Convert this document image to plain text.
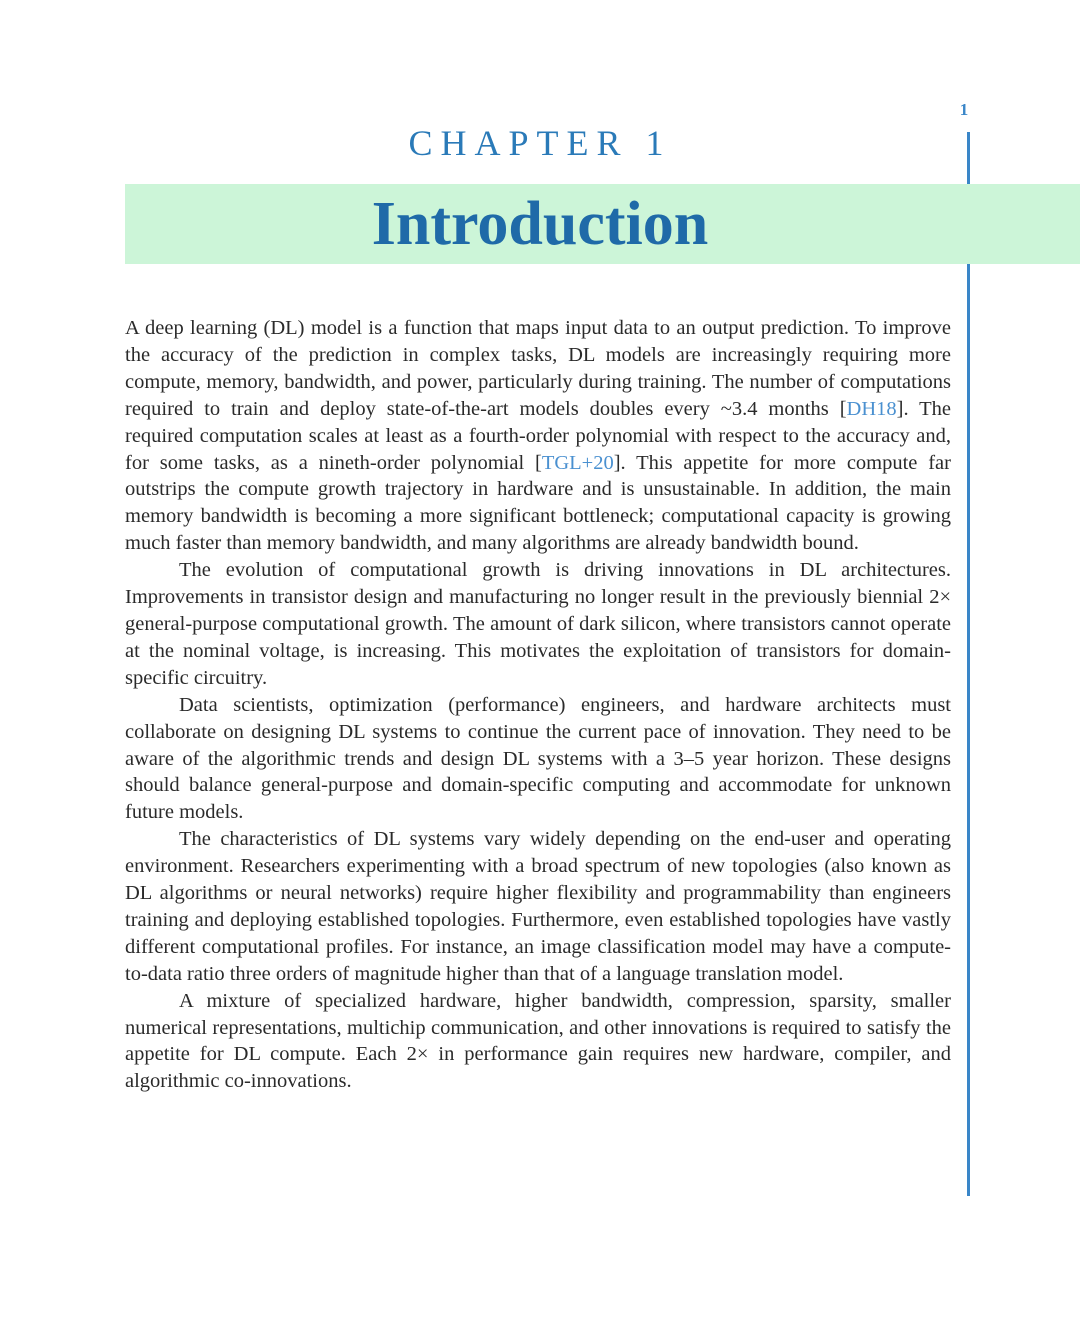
1
CHAPTER 1
Introduction

A deep learning (DL) model is a function that maps input data to an output prediction. To improve the accuracy of the prediction in complex tasks, DL models are increasingly requiring more compute, memory, bandwidth, and power, particularly during training. The number of computations required to train and deploy state-of-the-art models doubles every ~3.4 months [DH18]. The required computation scales at least as a fourth-order polynomial with respect to the accuracy and, for some tasks, as a nineth-order polynomial [TGL+20]. This appetite for more compute far outstrips the compute growth trajectory in hardware and is unsustainable. In addition, the main memory bandwidth is becoming a more significant bottleneck; computational capacity is growing much faster than memory bandwidth, and many algorithms are already bandwidth bound.

The evolution of computational growth is driving innovations in DL architectures. Improvements in transistor design and manufacturing no longer result in the previously biennial 2× general-purpose computational growth. The amount of dark silicon, where transistors cannot operate at the nominal voltage, is increasing. This motivates the exploitation of transistors for domain-specific circuitry.

Data scientists, optimization (performance) engineers, and hardware architects must collaborate on designing DL systems to continue the current pace of innovation. They need to be aware of the algorithmic trends and design DL systems with a 3–5 year horizon. These designs should balance general-purpose and domain-specific computing and accommodate for unknown future models.

The characteristics of DL systems vary widely depending on the end-user and operating environment. Researchers experimenting with a broad spectrum of new topologies (also known as DL algorithms or neural networks) require higher flexibility and programmability than engineers training and deploying established topologies. Furthermore, even established topologies have vastly different computational profiles. For instance, an image classification model may have a compute-to-data ratio three orders of magnitude higher than that of a language translation model.

A mixture of specialized hardware, higher bandwidth, compression, sparsity, smaller numerical representations, multichip communication, and other innovations is required to satisfy the appetite for DL compute. Each 2× in performance gain requires new hardware, compiler, and algorithmic co-innovations.
